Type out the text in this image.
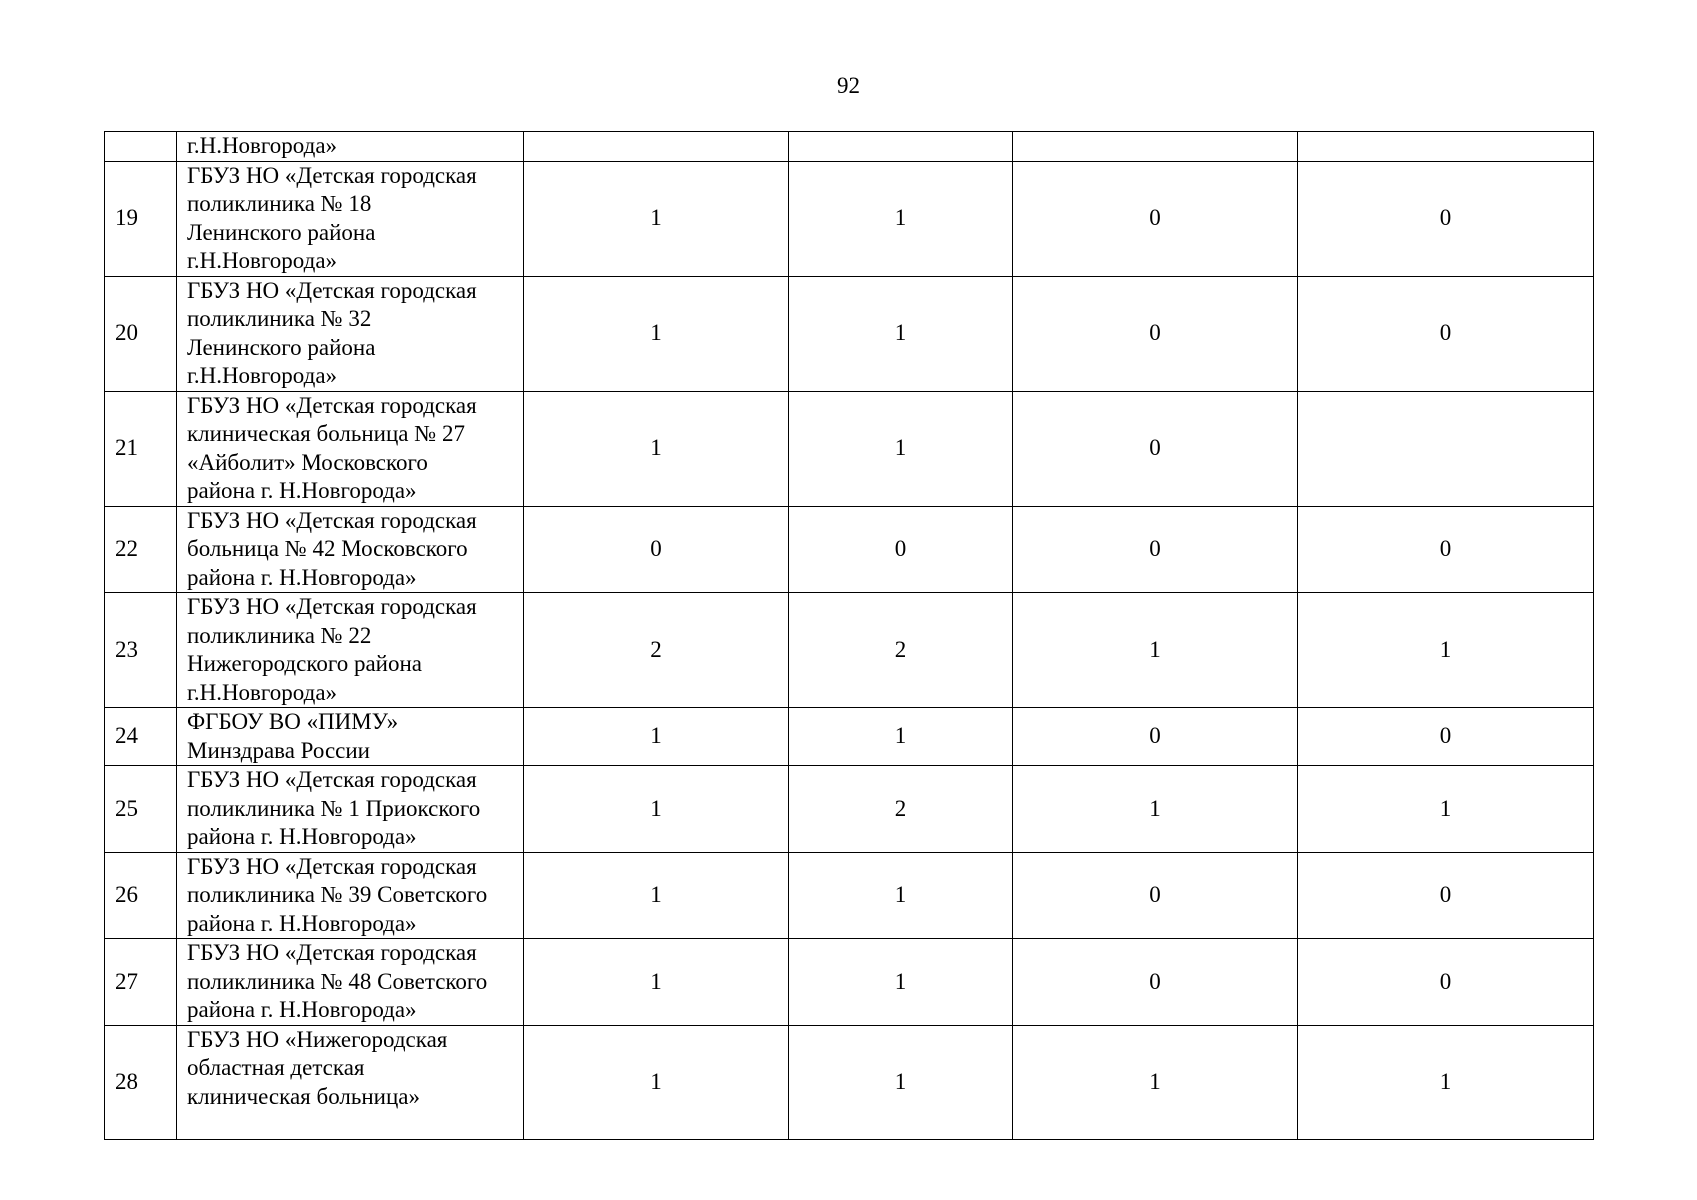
92
	г.Н.Новгорода»				
19	ГБУЗ НО «Детская городская
поликлиника № 18
Ленинского района
г.Н.Новгорода»	1	1	0	0
20	ГБУЗ НО «Детская городская
поликлиника № 32
Ленинского района
г.Н.Новгорода»	1	1	0	0
21	ГБУЗ НО «Детская городская
клиническая больница № 27
«Айболит» Московского
района г. Н.Новгорода»	1	1	0	
22	ГБУЗ НО «Детская городская
больница № 42 Московского
района г. Н.Новгорода»	0	0	0	0
23	ГБУЗ НО «Детская городская
поликлиника № 22
Нижегородского района
г.Н.Новгорода»	2	2	1	1
24	ФГБОУ ВО «ПИМУ»
Минздрава России	1	1	0	0
25	ГБУЗ НО «Детская городская
поликлиника № 1 Приокского
района г. Н.Новгорода»	1	2	1	1
26	ГБУЗ НО «Детская городская
поликлиника № 39 Советского
района г. Н.Новгорода»	1	1	0	0
27	ГБУЗ НО «Детская городская
поликлиника № 48 Советского
района г. Н.Новгорода»	1	1	0	0
28	ГБУЗ НО «Нижегородская
областная детская
клиническая больница»	1	1	1	1
